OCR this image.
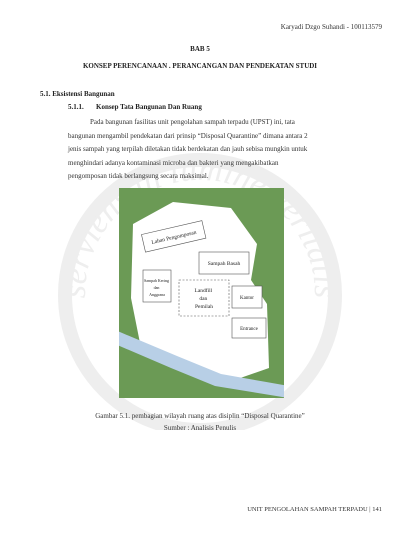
servien in lumine eritatis
Karyadi Dzgo Suhandi - 100113579
BAB 5
KONSEP PERENCANAAN . PERANCANGAN DAN PENDEKATAN STUDI
5.1. Eksistensi Bangunan
5.1.1. Konsep Tata Bangunan Dan Ruang

Pada bangunan fasilitas unit pengolahan sampah terpadu (UPST) ini, tata

bangunan mengambil pendekatan dari prinsip “Disposal Quarantine” dimana antara 2

jenis sampah yang terpilah diletakan tidak berdekatan dan jauh sebisa mungkin untuk

menghindari adanya kontaminasi microba dan bakteri yang mengakibatkan

pengomposan tidak berlangsung secara maksimal.

Lahan Pengomposan
Sampah Basah
Sampah Kering dan Anggrana
Landfill dan Pemilah
Kantor
Entrance
Gambar 5.1. pembagian wilayah ruang atas disiplin “Disposal Quarantine”
Sumber : Analisis Penulis
UNIT PENGOLAHAN SAMPAH TERPADU | 141
